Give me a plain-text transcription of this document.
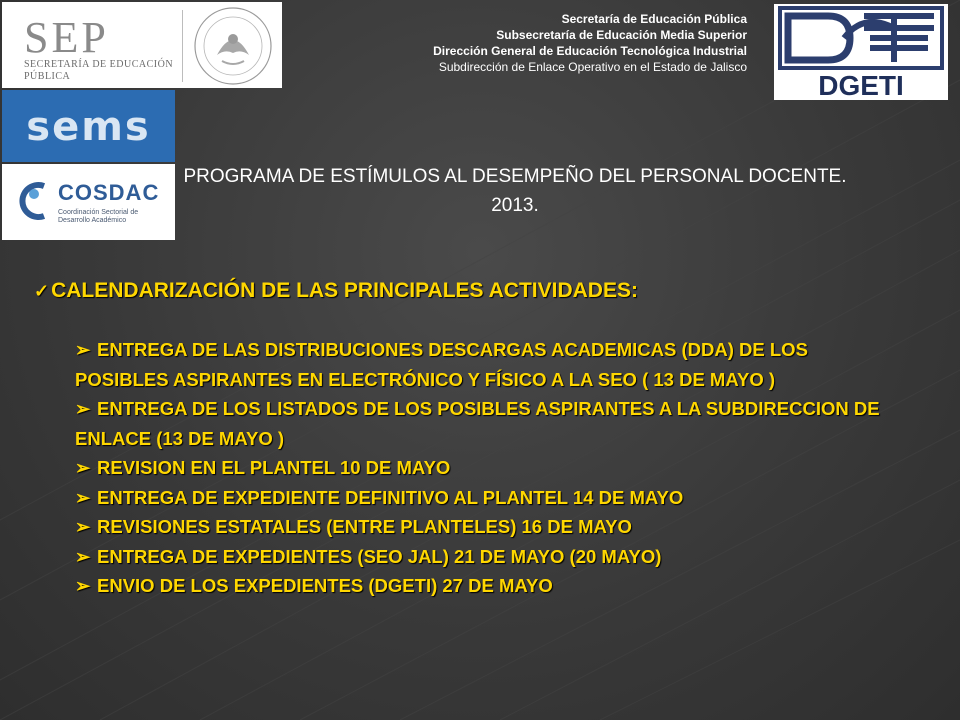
SEP
SECRETARÍA DE EDUCACIÓN PÚBLICA
sems
COSDAC
Coordinación Sectorial de Desarrollo Académico
DGETI
Secretaría de Educación Pública
Subsecretaría de Educación Media Superior
Dirección General de Educación Tecnológica Industrial
Subdirección de Enlace Operativo en el Estado de Jalisco
PROGRAMA DE ESTÍMULOS AL DESEMPEÑO DEL PERSONAL DOCENTE. 2013.
✓CALENDARIZACIÓN DE LAS PRINCIPALES ACTIVIDADES:
➢ ENTREGA DE LAS DISTRIBUCIONES DESCARGAS ACADEMICAS (DDA) DE LOS POSIBLES ASPIRANTES EN ELECTRÓNICO Y FÍSICO A LA SEO ( 13 DE MAYO )
➢ ENTREGA DE LOS LISTADOS DE LOS POSIBLES ASPIRANTES A LA SUBDIRECCION DE ENLACE (13 DE MAYO )
➢ REVISION EN EL PLANTEL 10 DE MAYO
➢ ENTREGA DE EXPEDIENTE DEFINITIVO AL PLANTEL 14 DE MAYO
➢ REVISIONES ESTATALES (ENTRE PLANTELES) 16 DE MAYO
➢ ENTREGA DE EXPEDIENTES (SEO JAL) 21 DE MAYO (20 MAYO)
➢ ENVIO DE LOS EXPEDIENTES (DGETI) 27 DE MAYO
